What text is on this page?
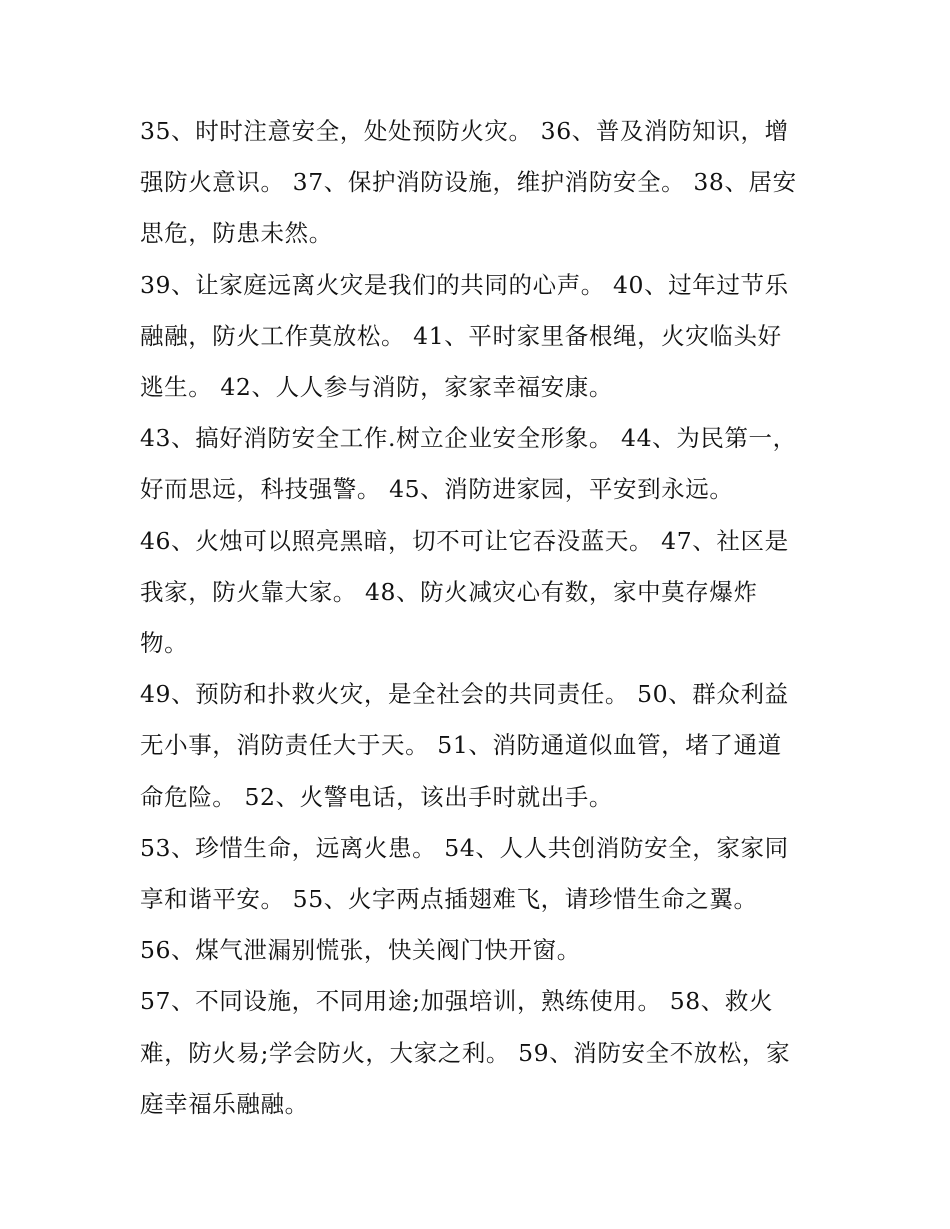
35、时时注意安全，处处预防火灾。 36、普及消防知识，增强防火意识。 37、保护消防设施，维护消防安全。 38、居安思危，防患未然。

39、让家庭远离火灾是我们的共同的心声。 40、过年过节乐融融，防火工作莫放松。 41、平时家里备根绳，火灾临头好逃生。 42、人人参与消防，家家幸福安康。

43、搞好消防安全工作.树立企业安全形象。 44、为民第一，好而思远，科技强警。 45、消防进家园，平安到永远。

46、火烛可以照亮黑暗，切不可让它吞没蓝天。 47、社区是我家，防火靠大家。 48、防火减灾心有数，家中莫存爆炸物。

49、预防和扑救火灾，是全社会的共同责任。 50、群众利益无小事，消防责任大于天。 51、消防通道似血管，堵了通道命危险。 52、火警电话，该出手时就出手。

53、珍惜生命，远离火患。 54、人人共创消防安全，家家同享和谐平安。 55、火字两点插翅难飞，请珍惜生命之翼。

56、煤气泄漏别慌张，快关阀门快开窗。

57、不同设施，不同用途;加强培训，熟练使用。 58、救火难，防火易;学会防火，大家之利。 59、消防安全不放松，家庭幸福乐融融。
